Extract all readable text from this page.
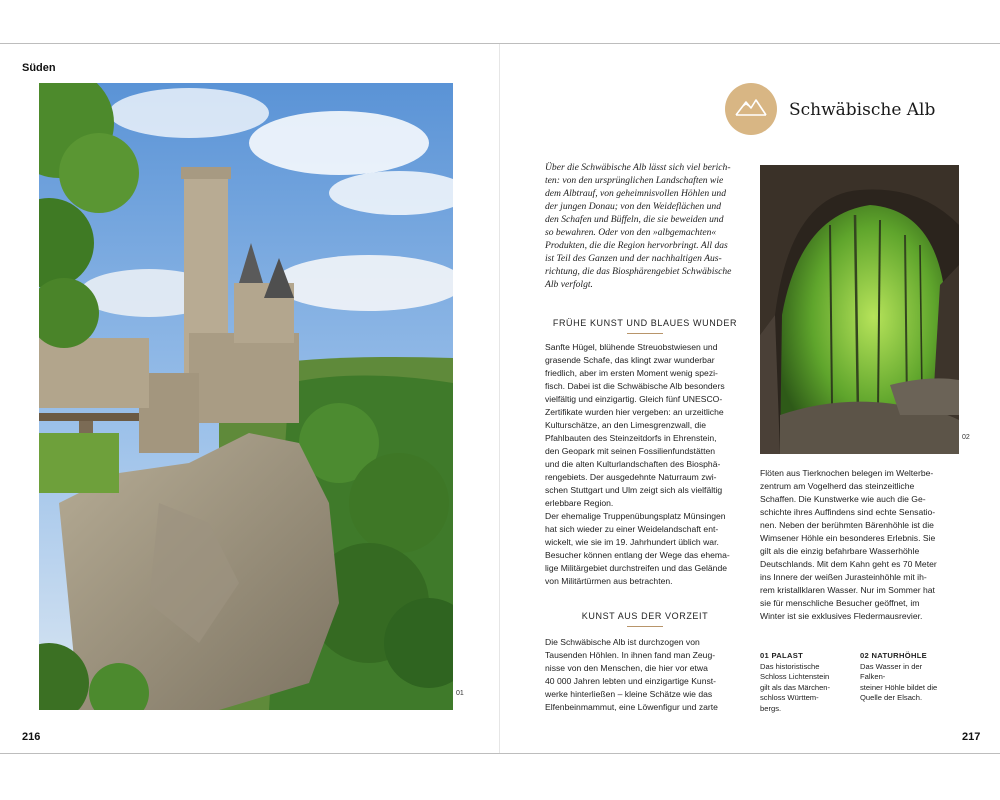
Süden
01
216
Schwäbische Alb
Über die Schwäbische Alb lässt sich viel berich-
ten: von den ursprünglichen Landschaften wie
dem Albtrauf, von geheimnisvollen Höhlen und
der jungen Donau; von den Weideflächen und
den Schafen und Büffeln, die sie beweiden und
so bewahren. Oder von den »albgemachten«
Produkten, die die Region hervorbringt. All das
ist Teil des Ganzen und der nachhaltigen Aus-
richtung, die das Biosphärengebiet Schwäbische
Alb verfolgt.
FRÜHE KUNST UND BLAUES WUNDER
Sanfte Hügel, blühende Streuobstwiesen und
grasende Schafe, das klingt zwar wunderbar
friedlich, aber im ersten Moment wenig spezi-
fisch. Dabei ist die Schwäbische Alb besonders
vielfältig und einzigartig. Gleich fünf UNESCO-
Zertifikate wurden hier vergeben: an urzeitliche
Kulturschätze, an den Limesgrenzwall, die
Pfahlbauten des Steinzeitdorfs in Ehrenstein,
den Geopark mit seinen Fossilienfundstätten
und die alten Kulturlandschaften des Biosphä-
rengebiets. Der ausgedehnte Naturraum zwi-
schen Stuttgart und Ulm zeigt sich als vielfältig
erlebbare Region.
Der ehemalige Truppenübungsplatz Münsingen
hat sich wieder zu einer Weidelandschaft ent-
wickelt, wie sie im 19. Jahrhundert üblich war.
Besucher können entlang der Wege das ehema-
lige Militärgebiet durchstreifen und das Gelände
von Militärtürmen aus betrachten.
KUNST AUS DER VORZEIT
Die Schwäbische Alb ist durchzogen von
Tausenden Höhlen. In ihnen fand man Zeug-
nisse von den Menschen, die hier vor etwa
40 000 Jahren lebten und einzigartige Kunst-
werke hinterließen – kleine Schätze wie das
Elfenbeinmammut, eine Löwenfigur und zarte
02
Flöten aus Tierknochen belegen im Welterbe-
zentrum am Vogelherd das steinzeitliche
Schaffen. Die Kunstwerke wie auch die Ge-
schichte ihres Auffindens sind echte Sensatio-
nen. Neben der berühmten Bärenhöhle ist die
Wimsener Höhle ein besonderes Erlebnis. Sie
gilt als die einzig befahrbare Wasserhöhle
Deutschlands. Mit dem Kahn geht es 70 Meter
ins Innere der weißen Jurasteinhöhle mit ih-
rem kristallklaren Wasser. Nur im Sommer hat
sie für menschliche Besucher geöffnet, im
Winter ist sie exklusives Fledermausrevier.
01 PALAST
Das historistische
Schloss Lichtenstein
gilt als das Märchen-
schloss Württem-
bergs.
02 NATURHÖHLE
Das Wasser in der Falken-
steiner Höhle bildet die
Quelle der Elsach.
217
